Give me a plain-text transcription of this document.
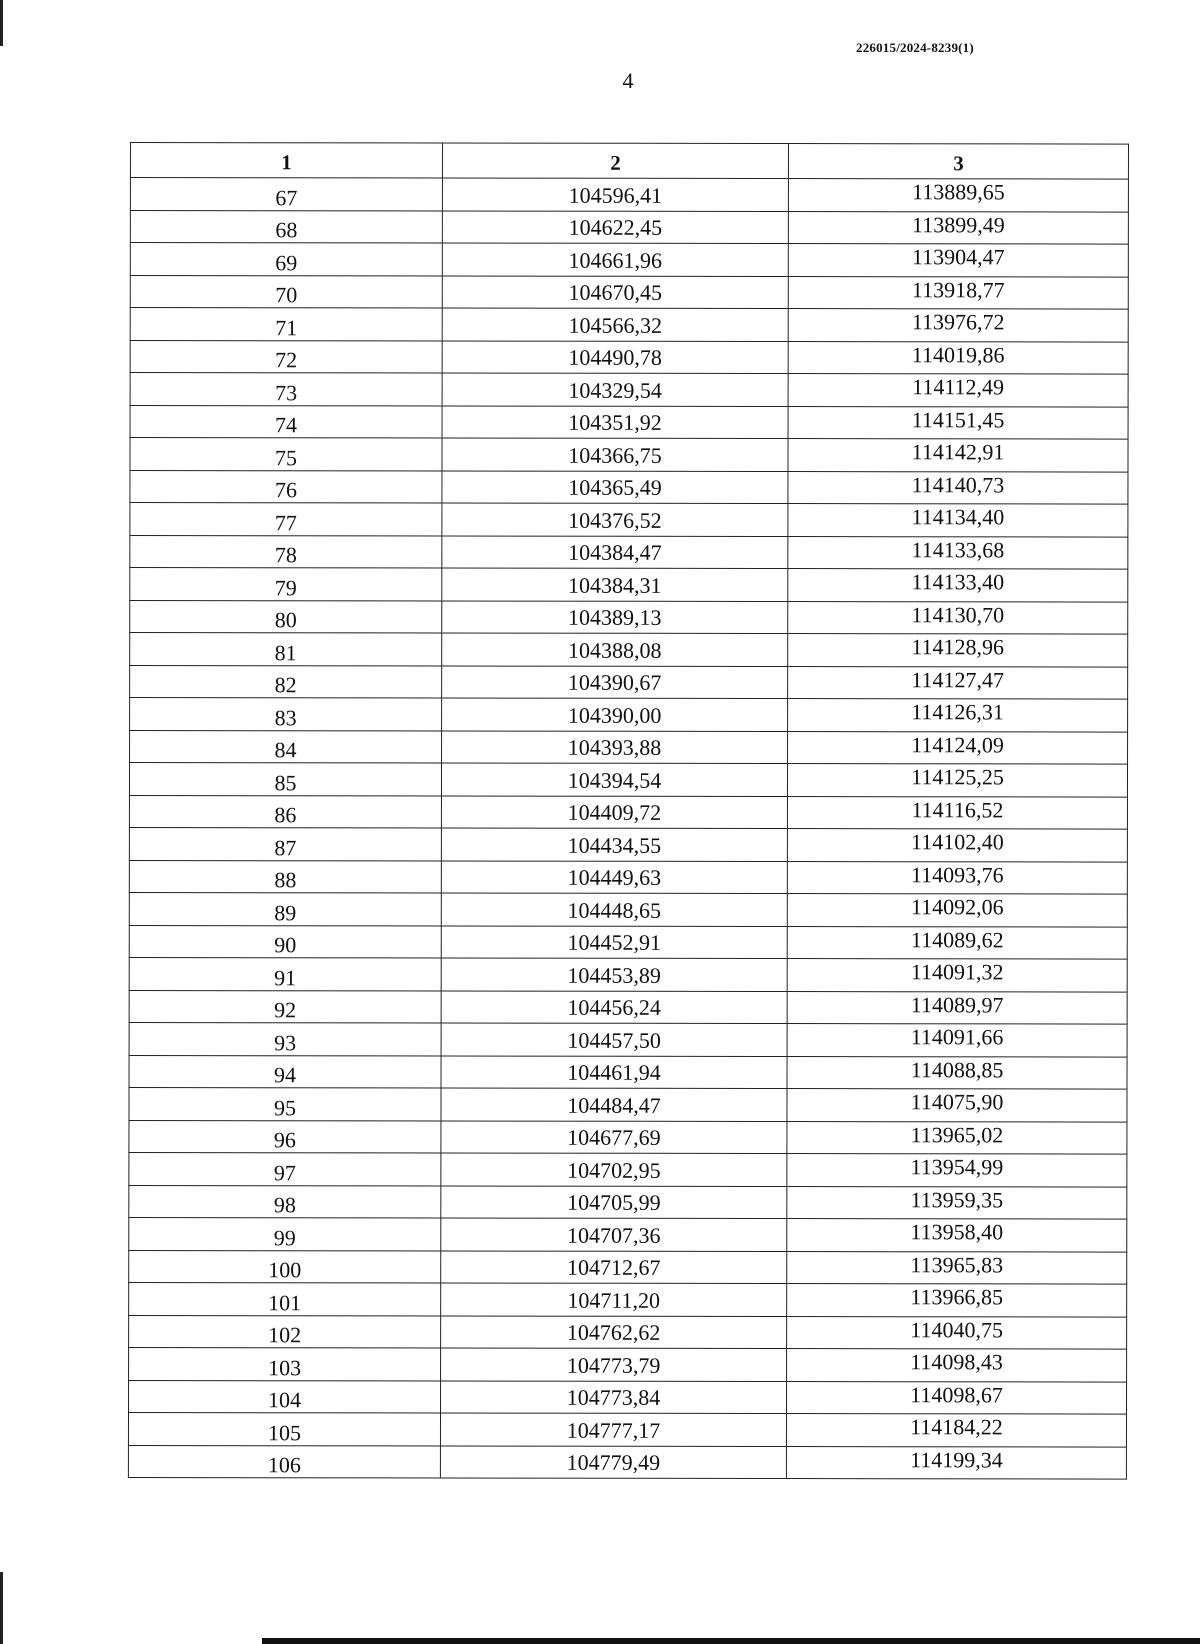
226015/2024-8239(1)
4
1	2	3
67	104596,41	113889,65
68	104622,45	113899,49
69	104661,96	113904,47
70	104670,45	113918,77
71	104566,32	113976,72
72	104490,78	114019,86
73	104329,54	114112,49
74	104351,92	114151,45
75	104366,75	114142,91
76	104365,49	114140,73
77	104376,52	114134,40
78	104384,47	114133,68
79	104384,31	114133,40
80	104389,13	114130,70
81	104388,08	114128,96
82	104390,67	114127,47
83	104390,00	114126,31
84	104393,88	114124,09
85	104394,54	114125,25
86	104409,72	114116,52
87	104434,55	114102,40
88	104449,63	114093,76
89	104448,65	114092,06
90	104452,91	114089,62
91	104453,89	114091,32
92	104456,24	114089,97
93	104457,50	114091,66
94	104461,94	114088,85
95	104484,47	114075,90
96	104677,69	113965,02
97	104702,95	113954,99
98	104705,99	113959,35
99	104707,36	113958,40
100	104712,67	113965,83
101	104711,20	113966,85
102	104762,62	114040,75
103	104773,79	114098,43
104	104773,84	114098,67
105	104777,17	114184,22
106	104779,49	114199,34
